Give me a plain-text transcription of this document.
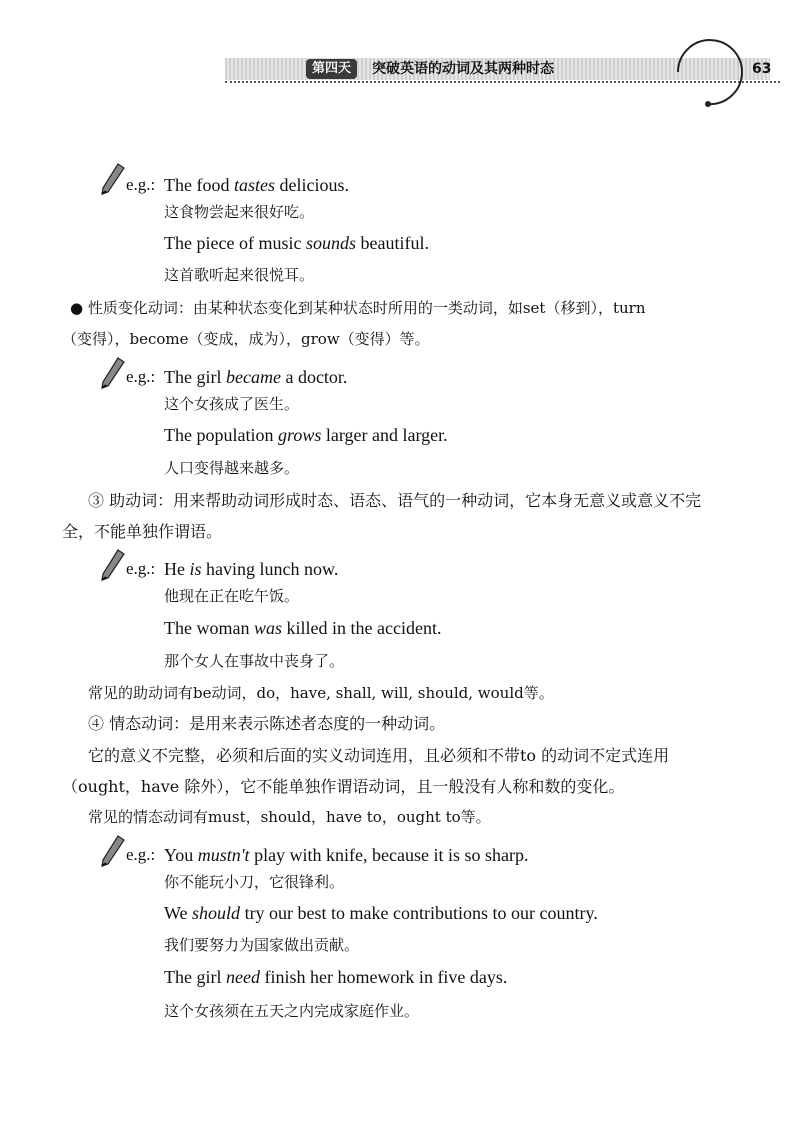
第四天	突破英语的动词及其两种时态	63
e.g.: The food tastes delicious.
这食物尝起来很好吃。
The piece of music sounds beautiful.
这首歌听起来很悦耳。
● 性质变化动词：由某种状态变化到某种状态时所用的一类动词，如set（移到），turn
（变得），become（变成，成为），grow（变得）等。
e.g.: The girl became a doctor.
这个女孩成了医生。
The population grows larger and larger.
人口变得越来越多。
③ 助动词：用来帮助动词形成时态、语态、语气的一种动词，它本身无意义或意义不完
全，不能单独作谓语。
e.g.: He is having lunch now.
他现在正在吃午饭。
The woman was killed in the accident.
那个女人在事故中丧身了。
常见的助动词有be动词，do，have, shall, will, should, would等。
④ 情态动词：是用来表示陈述者态度的一种动词。
它的意义不完整，必须和后面的实义动词连用，且必须和不带to 的动词不定式连用
（ought，have 除外），它不能单独作谓语动词，且一般没有人称和数的变化。
常见的情态动词有must，should，have to，ought to等。
e.g.: You mustn't play with knife, because it is so sharp.
你不能玩小刀，它很锋利。
We should try our best to make contributions to our country.
我们要努力为国家做出贡献。
The girl need finish her homework in five days.
这个女孩须在五天之内完成家庭作业。
